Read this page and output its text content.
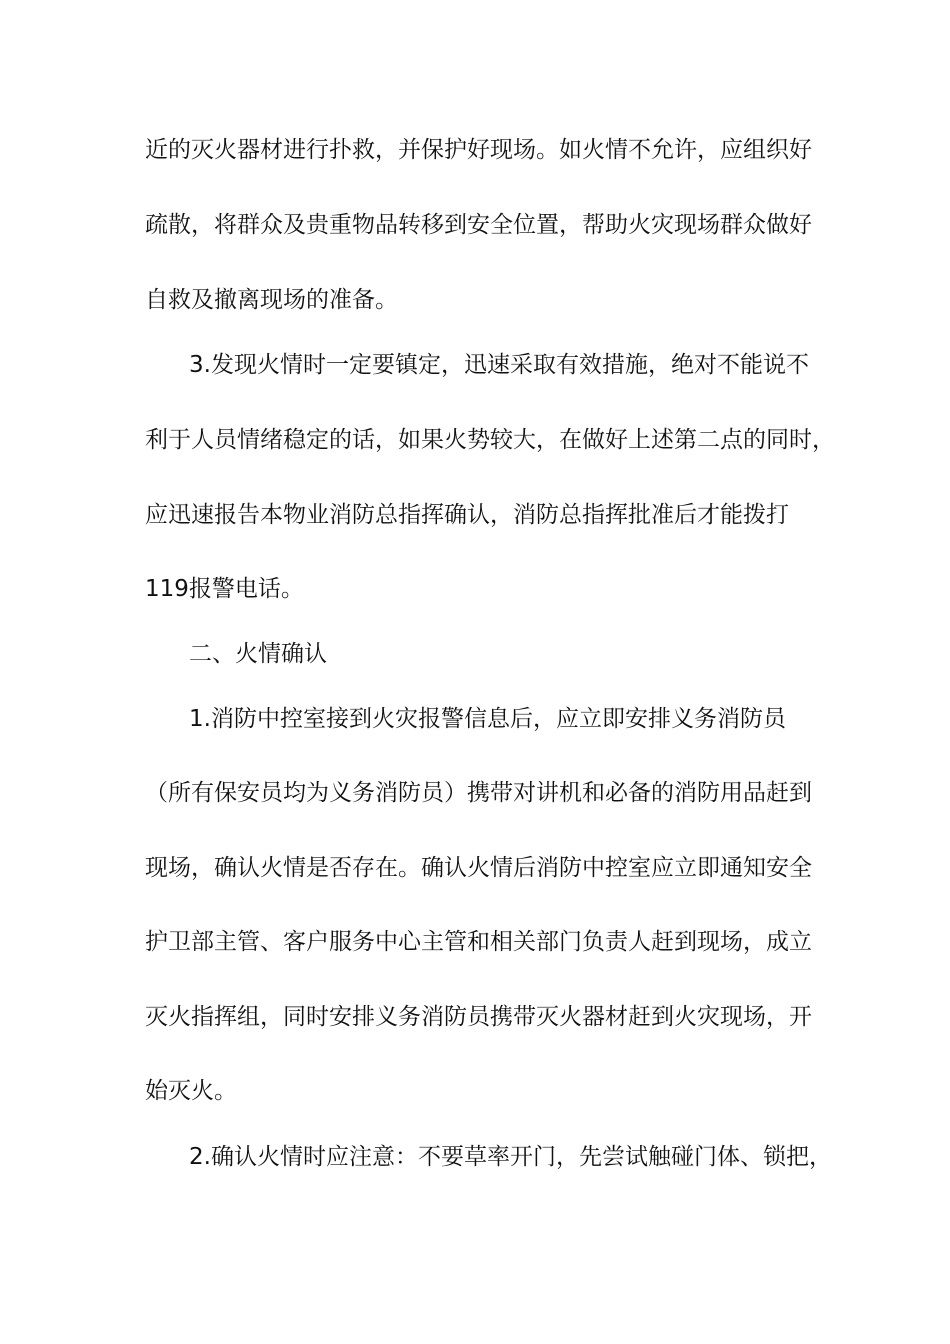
近的灭火器材进行扑救，并保护好现场。如火情不允许，应组织好
疏散，将群众及贵重物品转移到安全位置，帮助火灾现场群众做好
自救及撤离现场的准备。
3.发现火情时一定要镇定，迅速采取有效措施，绝对不能说不
利于人员情绪稳定的话，如果火势较大，在做好上述第二点的同时，
应迅速报告本物业消防总指挥确认，消防总指挥批准后才能拨打
119报警电话。
二、火情确认
1.消防中控室接到火灾报警信息后，应立即安排义务消防员
（所有保安员均为义务消防员）携带对讲机和必备的消防用品赶到
现场，确认火情是否存在。确认火情后消防中控室应立即通知安全
护卫部主管、客户服务中心主管和相关部门负责人赶到现场，成立
灭火指挥组，同时安排义务消防员携带灭火器材赶到火灾现场，开
始灭火。
2.确认火情时应注意：不要草率开门，先尝试触碰门体、锁把，
